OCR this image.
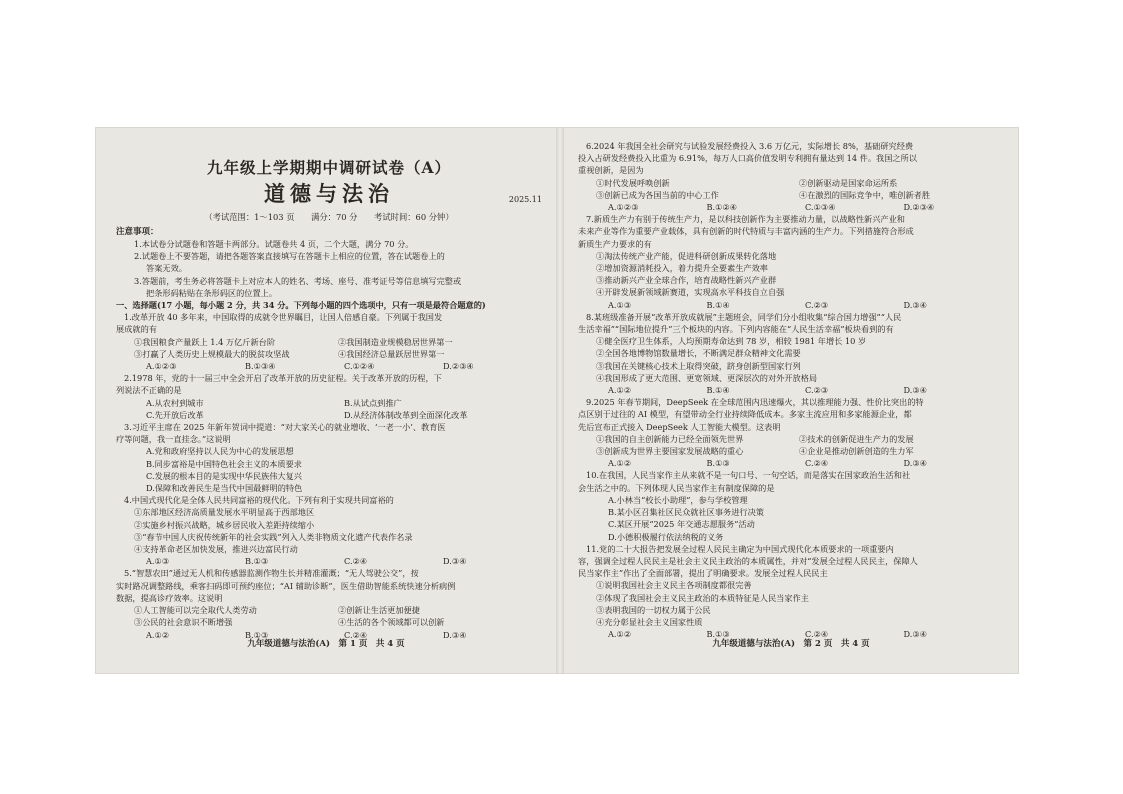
九年级上学期期中调研试卷（A）
道德与法治	2025.11
（考试范围：1～103 页　　满分：70 分　　考试时间：60 分钟）
注意事项：
1.本试卷分试题卷和答题卡两部分。试题卷共 4 页，二个大题，满分 70 分。
2.试题卷上不要答题，请把各题答案直接填写在答题卡上相应的位置，答在试题卷上的
答案无效。
3.答题前，考生务必将答题卡上对应本人的姓名、考场、座号、准考证号等信息填写完整或
把条形码粘贴在条形码区的位置上。
一、选择题(17 小题，每小题 2 分，共 34 分。下列每小题的四个选项中，只有一项是最符合题意的)
1.改革开放 40 多年来，中国取得的成就令世界瞩目，让国人倍感自豪。下列属于我国发
展成就的有
①我国粮食产量跃上 1.4 万亿斤新台阶	②我国制造业规模稳居世界第一
③打赢了人类历史上规模最大的脱贫攻坚战	④我国经济总量跃居世界第一
A.①②③	B.①③④	C.①②④	D.②③④
2.1978 年，党的十一届三中全会开启了改革开放的历史征程。关于改革开放的历程，下
列说法不正确的是
A.从农村到城市	B.从试点到推广
C.先开放后改革	D.从经济体制改革到全面深化改革
3.习近平主席在 2025 年新年贺词中提道：“对大家关心的就业增收、‘一老一小’、教育医
疗等问题，我一直挂念。”这说明
A.党和政府坚持以人民为中心的发展思想
B.同步富裕是中国特色社会主义的本质要求
C.发展的根本目的是实现中华民族伟大复兴
D.保障和改善民生是当代中国最鲜明的特色
4.中国式现代化是全体人民共同富裕的现代化。下列有利于实现共同富裕的
①东部地区经济高质量发展水平明显高于西部地区
②实施乡村振兴战略，城乡居民收入差距持续缩小
③“春节中国人庆祝传统新年的社会实践”列入人类非物质文化遗产代表作名录
④支持革命老区加快发展，推进兴边富民行动
A.①③	B.①③	C.②④	D.③④
5.“智慧农田”通过无人机和传感器监测作物生长并精准灌溉；“无人驾驶公交”，按
实时路况调整路线，乘客扫码即可预约座位；“AI 辅助诊断”，医生借助智能系统快速分析病例
数据，提高诊疗效率。这说明
①人工智能可以完全取代人类劳动	②创新让生活更加便捷
③公民的社会意识不断增强	④生活的各个领域都可以创新
A.①②	B.①③	C.②④	D.③④
九年级道德与法治(A)　第 1 页　共 4 页
6.2024 年我国全社会研究与试验发展经费投入 3.6 万亿元，实际增长 8%，基础研究经费
投入占研发经费投入比重为 6.91%，每万人口高价值发明专利拥有量达到 14 件。我国之所以
重视创新，是因为
①时代发展呼唤创新	②创新驱动是国家命运所系
③创新已成为各国当前的中心工作	④在激烈的国际竞争中，唯创新者胜
A.①②③	B.①②④	C.①③④	D.②③④
7.新质生产力有别于传统生产力，是以科技创新作为主要推动力量，以战略性新兴产业和
未来产业等作为重要产业载体，具有创新的时代特质与丰富内涵的生产力。下列措施符合形成
新质生产力要求的有
①淘汰传统产业产能，促进科研创新成果转化落地
②增加资源消耗投入，着力提升全要素生产效率
③推动新兴产业全球合作，培育战略性新兴产业群
④开辟发展新领域新赛道，实现高水平科技自立自强
A.①③	B.①④	C.②③	D.③④
8.某班级准备开展“改革开放成就展”主题班会，同学们分小组收集“综合国力增强”“人民
生活幸福”“国际地位提升”三个板块的内容。下列内容能在“人民生活幸福”板块看到的有
①健全医疗卫生体系，人均预期寿命达到 78 岁，相较 1981 年增长 10 岁
②全国各地博物馆数量增长，不断满足群众精神文化需要
③我国在关键核心技术上取得突破，跻身创新型国家行列
④我国形成了更大范围、更宽领域、更深层次的对外开放格局
A.①②	B.①④	C.②③	D.③④
9.2025 年春节期间，DeepSeek 在全球范围内迅速爆火，其以推理能力强、性价比突出的特
点区别于过往的 AI 模型，有望带动全行业持续降低成本。多家主流应用和多家能源企业，都
先后宣布正式接入 DeepSeek 人工智能大模型。这表明
①我国的自主创新能力已经全面领先世界	②技术的创新促进生产力的发展
③创新成为世界主要国家发展战略的重心	④企业是推动创新创造的生力军
A.①②	B.①③	C.②④	D.③④
10.在我国，人民当家作主从来就不是一句口号、一句空话，而是落实在国家政治生活和社
会生活之中的。下列体现人民当家作主有制度保障的是
A.小林当“校长小助理”，参与学校管理
B.某小区召集社区民众就社区事务进行决策
C.某区开展“2025 年交通志愿服务”活动
D.小德积极履行依法纳税的义务
11.党的二十大报告把发展全过程人民民主确定为中国式现代化本质要求的一项重要内
容，强调全过程人民民主是社会主义民主政治的本质属性，并对“发展全过程人民民主，保障人
民当家作主”作出了全面部署，提出了明确要求。发展全过程人民民主
①说明我国社会主义民主各项制度都很完善
②体现了我国社会主义民主政治的本质特征是人民当家作主
③表明我国的一切权力属于公民
④充分彰显社会主义国家性质
A.①②	B.①③	C.②④	D.③④
九年级道德与法治(A)　第 2 页　共 4 页
